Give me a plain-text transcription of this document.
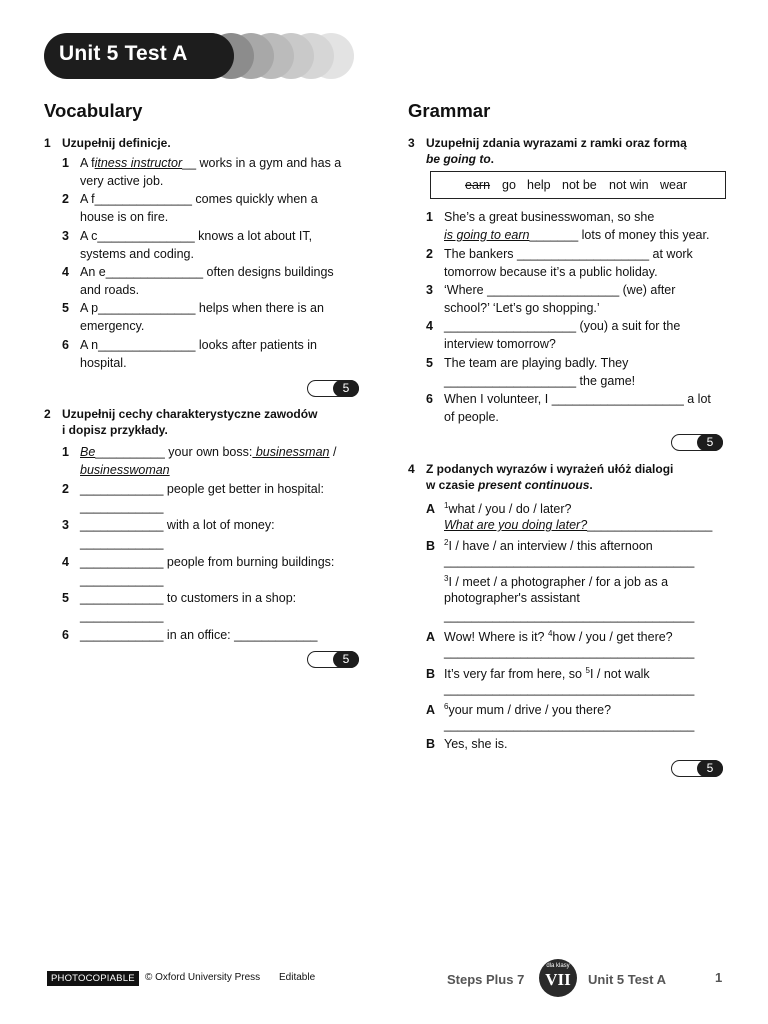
Unit 5 Test A
Vocabulary
1 Uzupełnij definicje.
1 A fitness instructor__ works in a gym and has a
very active job.
2 A f______________ comes quickly when a
house is on fire.
3 A c______________ knows a lot about IT,
systems and coding.
4 An e______________ often designs buildings
and roads.
5 A p______________ helps when there is an
emergency.
6 A n______________ looks after patients in
hospital.
5
2 Uzupełnij cechy charakterystyczne zawodów
i dopisz przykłady.
1 Be__________ your own boss: businessman /
businesswoman
2 ____________ people get better in hospital:
____________
3 ____________ with a lot of money:
____________
4 ____________ people from burning buildings:
____________
5 ____________ to customers in a shop:
____________
6 ____________ in an office: ____________
5
Grammar
3 Uzupełnij zdania wyrazami z ramki oraz formą
be going to.
earn go help not be not win wear
1 She’s a great businesswoman, so she
is going to earn_______ lots of money this year.
2 The bankers ___________________ at work
tomorrow because it’s a public holiday.
3 ‘Where ___________________ (we) after
school?’ ‘Let’s go shopping.’
4 ___________________ (you) a suit for the
interview tomorrow?
5 The team are playing badly. They
___________________ the game!
6 When I volunteer, I ___________________ a lot
of people.
5
4 Z podanych wyrazów i wyrażeń ułóż dialogi
w czasie present continuous.
A $^1$what / you / do / later?
What are you doing later?__________________
B $^2$I / have / an interview / this afternoon
____________________________________
$^3$I / meet / a photographer / for a job as a
photographer's assistant
____________________________________
A Wow! Where is it? $^4$how / you / get there?
____________________________________
B It’s very far from here, so $^5$I / not walk
____________________________________
A $^6$your mum / drive / you there?
____________________________________
B Yes, she is.
5
PHOTOCOPIABLE	© Oxford University Press Editable	Steps Plus 7
dla klasy
VII	Unit 5 Test A	1
